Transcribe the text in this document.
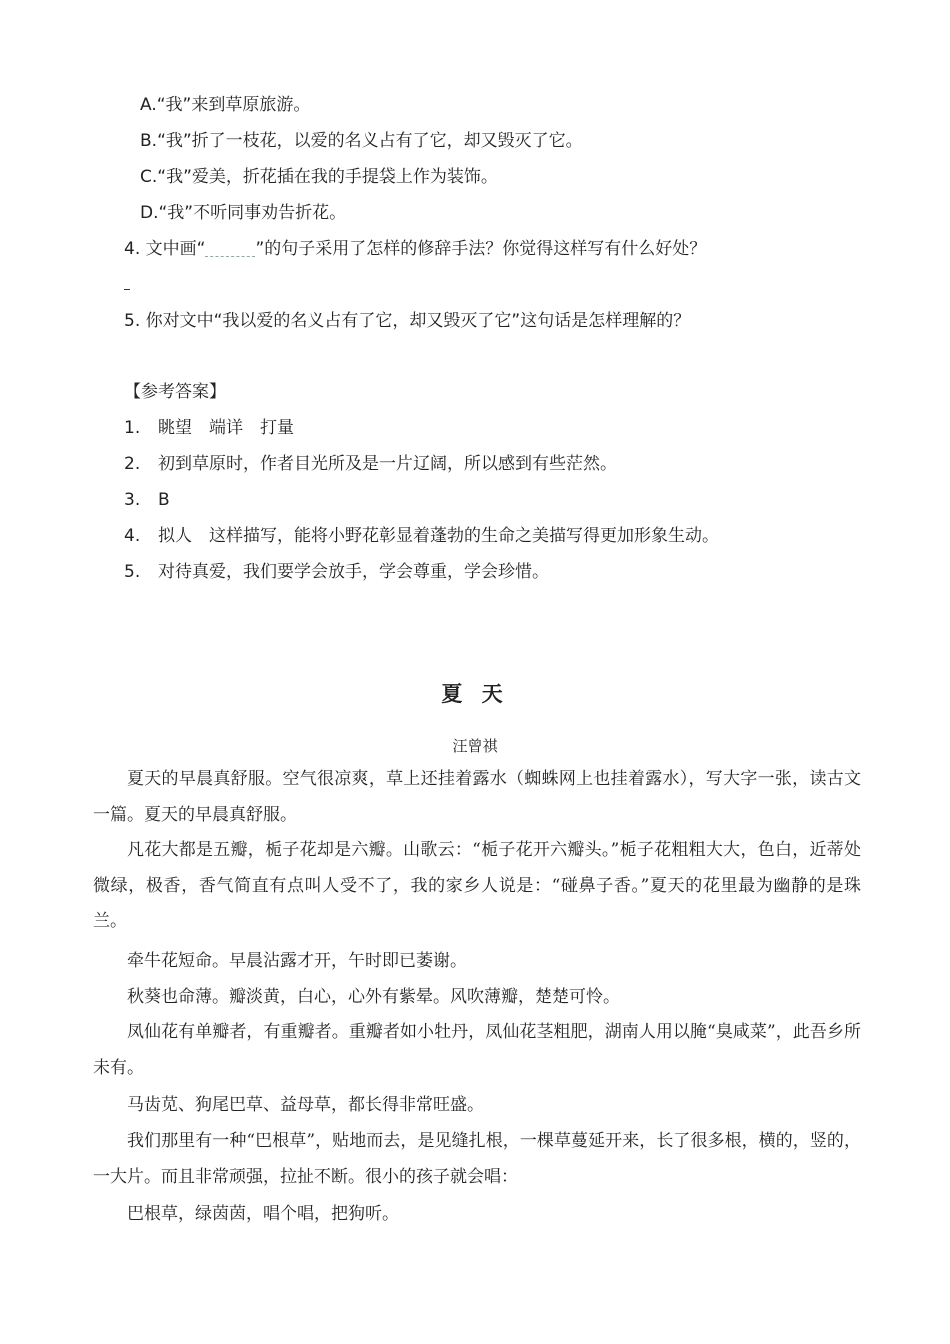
A.“我”来到草原旅游。
B.“我”折了一枝花，以爱的名义占有了它，却又毁灭了它。
C.“我”爱美，折花插在我的手提袋上作为装饰。
D.“我”不听同事劝告折花。
4. 文中画“	”的句子采用了怎样的修辞手法？你觉得这样写有什么好处？
5. 你对文中“我以爱的名义占有了它，却又毁灭了它”这句话是怎样理解的？
【参考答案】
1. 眺望　端详　打量
2. 初到草原时，作者目光所及是一片辽阔，所以感到有些茫然。
3. B
4. 拟人　这样描写，能将小野花彰显着蓬勃的生命之美描写得更加形象生动。
5. 对待真爱，我们要学会放手，学会尊重，学会珍惜。
夏 天
汪曾祺

夏天的早晨真舒服。空气很凉爽，草上还挂着露水（蜘蛛网上也挂着露水），写大字一张，读古文一篇。夏天的早晨真舒服。

凡花大都是五瓣，栀子花却是六瓣。山歌云：“栀子花开六瓣头。”栀子花粗粗大大，色白，近蒂处微绿，极香，香气简直有点叫人受不了，我的家乡人说是：“碰鼻子香。”夏天的花里最为幽静的是珠兰。

牵牛花短命。早晨沾露才开，午时即已萎谢。

秋葵也命薄。瓣淡黄，白心，心外有紫晕。风吹薄瓣，楚楚可怜。

凤仙花有单瓣者，有重瓣者。重瓣者如小牡丹，凤仙花茎粗肥，湖南人用以腌“臭咸菜”，此吾乡所未有。

马齿苋、狗尾巴草、益母草，都长得非常旺盛。

我们那里有一种“巴根草”，贴地而去，是见缝扎根，一棵草蔓延开来，长了很多根，横的，竖的，一大片。而且非常顽强，拉扯不断。很小的孩子就会唱：

巴根草，绿茵茵，唱个唱，把狗听。
